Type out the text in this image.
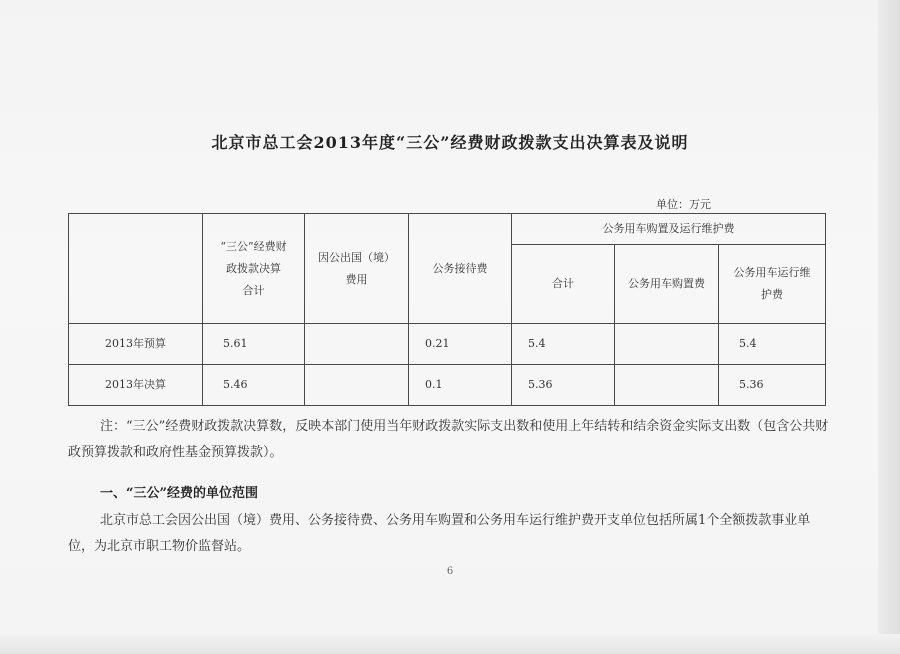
北京市总工会2013年度“三公”经费财政拨款支出决算表及说明
单位：万元

	“三公”经费财
政拨款决算
合计	因公出国（境）
费用	公务接待费	公务用车购置及运行维护费		
				合计	公务用车购置费	公务用车运行维
护费

2013年预算	5.61		0.21	5.4		5.4
2013年决算	5.46		0.1	5.36		5.36
注：“三公”经费财政拨款决算数，反映本部门使用当年财政拨款实际支出数和使用上年结转和结余资金实际支出数（包含公共财政预算拨款和政府性基金预算拨款）。
一、“三公”经费的单位范围
北京市总工会因公出国（境）费用、公务接待费、公务用车购置和公务用车运行维护费开支单位包括所属1个全额拨款事业单位，为北京市职工物价监督站。
6
